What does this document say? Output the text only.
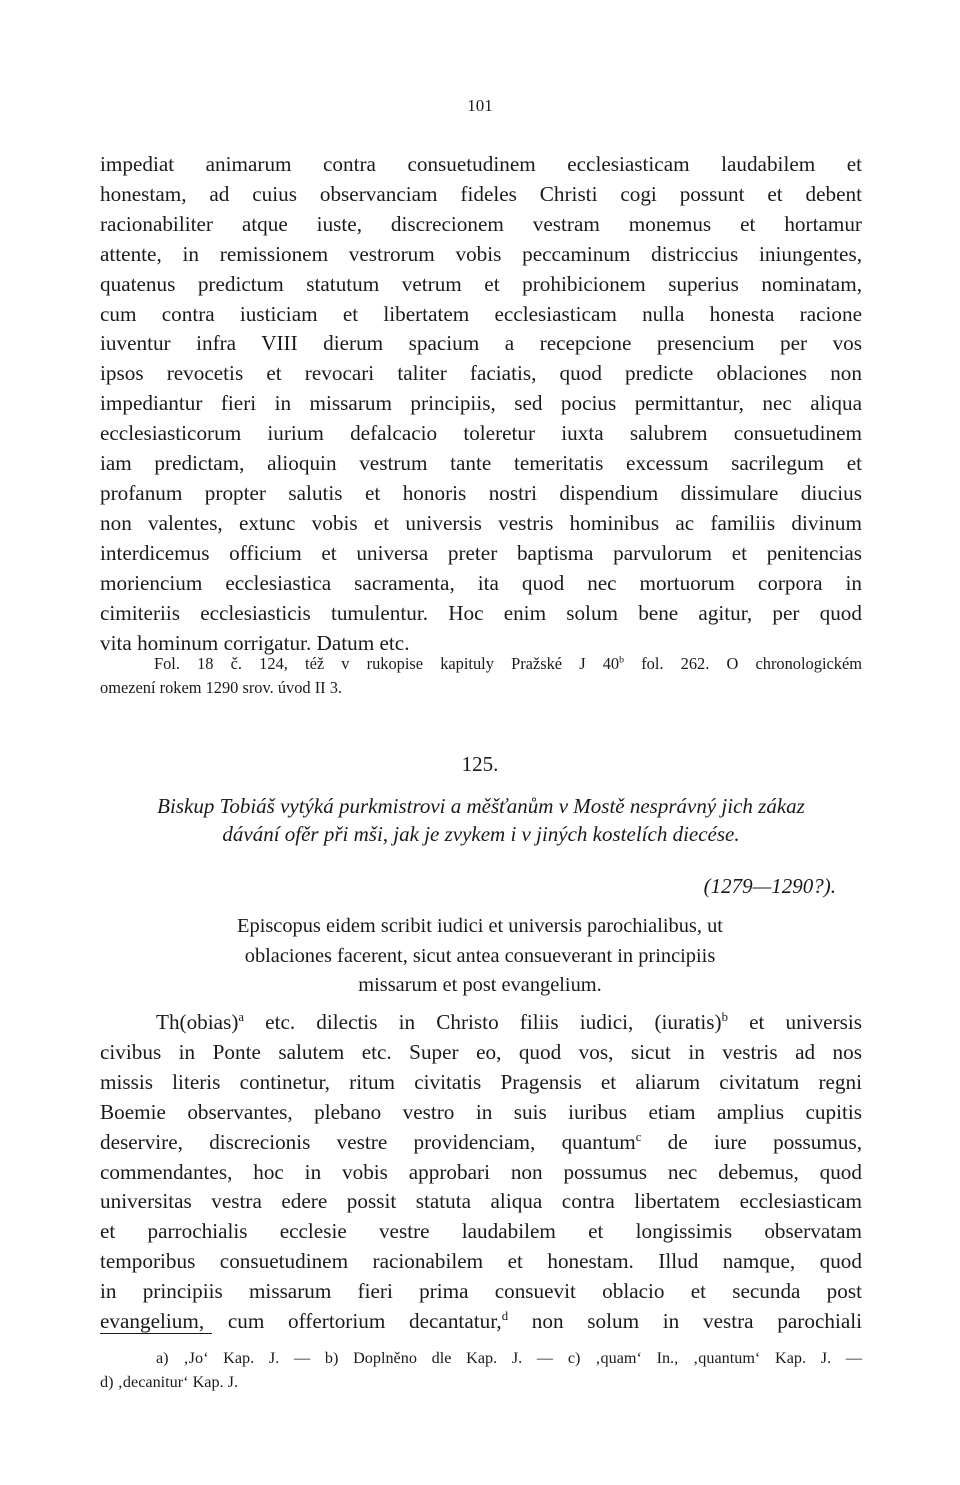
101
impediat animarum contra consuetudinem ecclesiasticam laudabilem et
honestam, ad cuius observanciam fideles Christi cogi possunt et debent
racionabiliter atque iuste, discrecionem vestram monemus et hortamur
attente, in remissionem vestrorum vobis peccaminum districcius iniungentes,
quatenus predictum statutum vetrum et prohibicionem superius nominatam,
cum contra iusticiam et libertatem ecclesiasticam nulla honesta racione
iuventur infra VIII dierum spacium a recepcione presencium per vos
ipsos revocetis et revocari taliter faciatis, quod predicte oblaciones non
impediantur fieri in missarum principiis, sed pocius permittantur, nec aliqua
ecclesiasticorum iurium defalcacio toleretur iuxta salubrem consuetudinem
iam predictam, alioquin vestrum tante temeritatis excessum sacrilegum et
profanum propter salutis et honoris nostri dispendium dissimulare diucius
non valentes, extunc vobis et universis vestris hominibus ac familiis divinum
interdicemus officium et universa preter baptisma parvulorum et penitencias
moriencium ecclesiastica sacramenta, ita quod nec mortuorum corpora in
cimiteriis ecclesiasticis tumulentur. Hoc enim solum bene agitur, per quod
vita hominum corrigatur. Datum etc.
Fol. 18 č. 124, též v rukopise kapituly Pražské J 40$^b$ fol. 262. O chronologickém
omezení rokem 1290 srov. úvod II 3.
125.
Biskup Tobiáš vytýká purkmistrovi a měšťanům v Mostě nesprávný jich zákaz
dávání ofěr při mši, jak je zvykem i v jiných kostelích diecése.
(1279—1290?).
Episcopus eidem scribit iudici et universis parochialibus, ut
oblaciones facerent, sicut antea consueverant in principiis
missarum et post evangelium.
Th(obias)$^a$ etc. dilectis in Christo filiis iudici, (iuratis)$^b$ et universis
civibus in Ponte salutem etc. Super eo, quod vos, sicut in vestris ad nos
missis literis continetur, ritum civitatis Pragensis et aliarum civitatum regni
Boemie observantes, plebano vestro in suis iuribus etiam amplius cupitis
deservire, discrecionis vestre providenciam, quantum$^c$ de iure possumus,
commendantes, hoc in vobis approbari non possumus nec debemus, quod
universitas vestra edere possit statuta aliqua contra libertatem ecclesiasticam
et parrochialis ecclesie vestre laudabilem et longissimis observatam
temporibus consuetudinem racionabilem et honestam. Illud namque, quod
in principiis missarum fieri prima consuevit oblacio et secunda post
evangelium, cum offertorium decantatur,$^d$ non solum in vestra parochiali
a) ‚Jo‘ Kap. J. — b) Doplněno dle Kap. J. — c) ‚quam‘ In., ‚quantum‘ Kap. J. —
d) ‚decanitur‘ Kap. J.
